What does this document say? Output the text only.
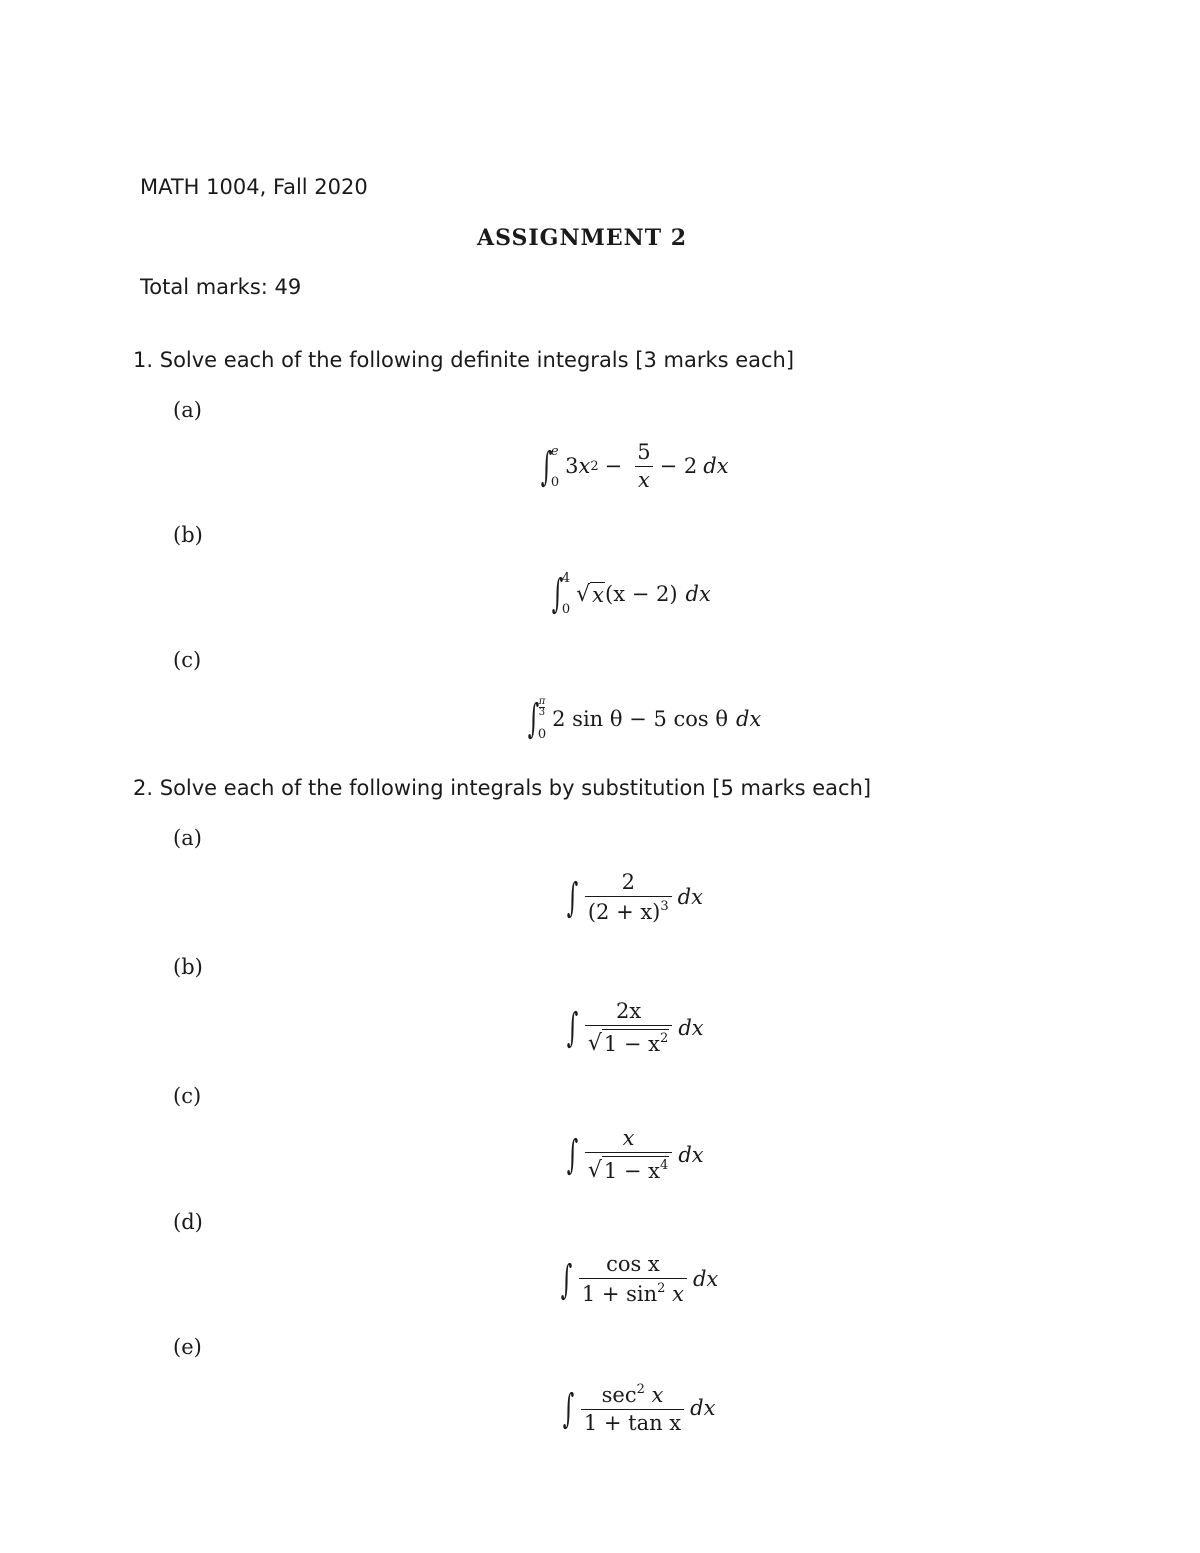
MATH 1004, Fall 2020
ASSIGNMENT 2
Total marks: 49
1. Solve each of the following definite integrals [3 marks each]
(a)
∫
e
0
3 x $2 - \frac{5}{x} - 2$ dx
(b)
∫
4
0
√ x (x − 2) dx
(c)
∫ π
3
0
2 sin θ − 5 cos θ dx
2. Solve each of the following integrals by substitution [5 marks each]
(a)
∫ $\frac{2}{(2 + x)^3}$ dx
(b)
∫ $\frac{2x}{√ 1 - x^2}$ dx
(c)
∫ $\frac{x}{√ 1 - x^4}$ dx
(d)
∫ $\frac{\text{cos x}}{1 + \sin^2 x}$ dx
(e)
∫ $\frac{\sec^2 x}{\text{1 + tan x}}$ dx
